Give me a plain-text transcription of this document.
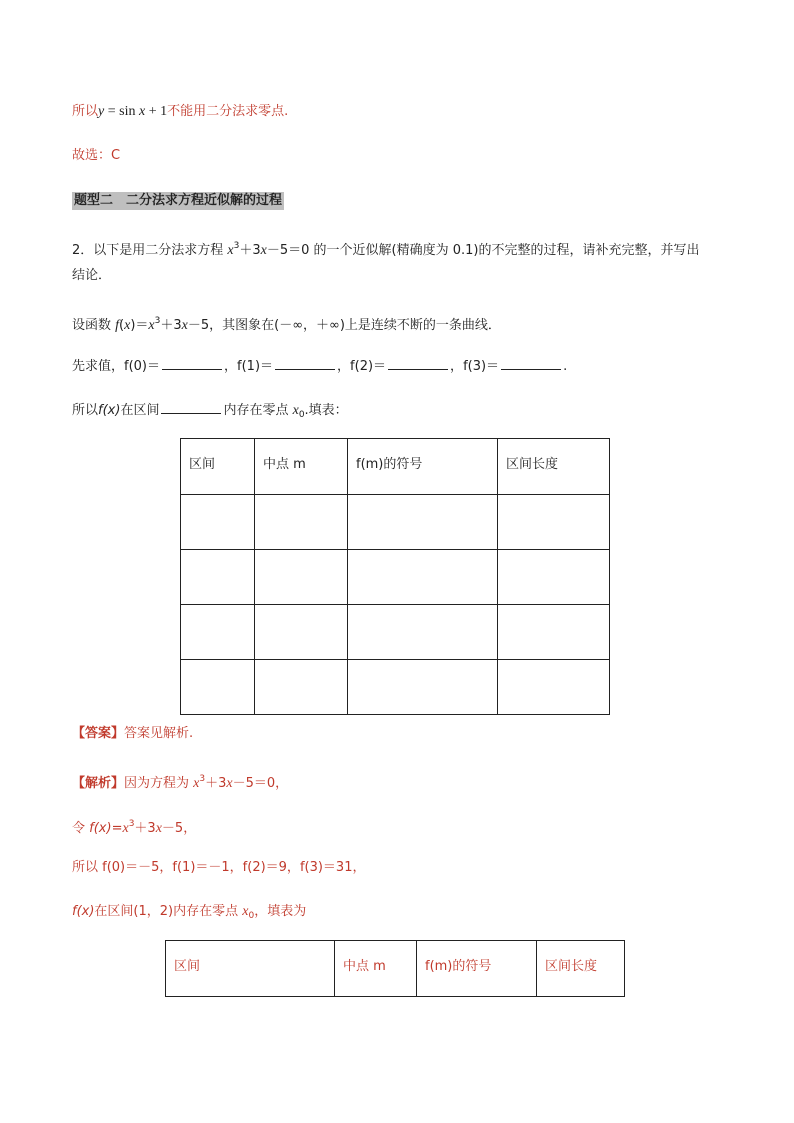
所以y = sin x + 1不能用二分法求零点.
故选：C
题型二　二分法求方程近似解的过程
2．以下是用二分法求方程 $x^3+3x-5=0$ 的一个近似解(精确度为 0.1)的不完整的过程，请补充完整，并写出
结论．
设函数 $f(x)=x^3+3x-5$，其图象在(－∞，＋∞)上是连续不断的一条曲线．
先求值，f(0)＝	，f(1)＝	，f(2)＝	，f(3)＝	.
所以f(x)在区间	内存在零点 $x_0$.填表：
区间	中点 m	f(m)的符号	区间长度

【答案】答案见解析.
【解析】因为方程为 $x^3+3x-5=0$，
令 $f(x)=x^3+3x-5$，
所以 f(0)＝－5，f(1)＝－1，f(2)＝9，f(3)＝31，
f(x)在区间(1，2)内存在零点 $x_0$，填表为
区间	中点 m	f(m)的符号	区间长度
